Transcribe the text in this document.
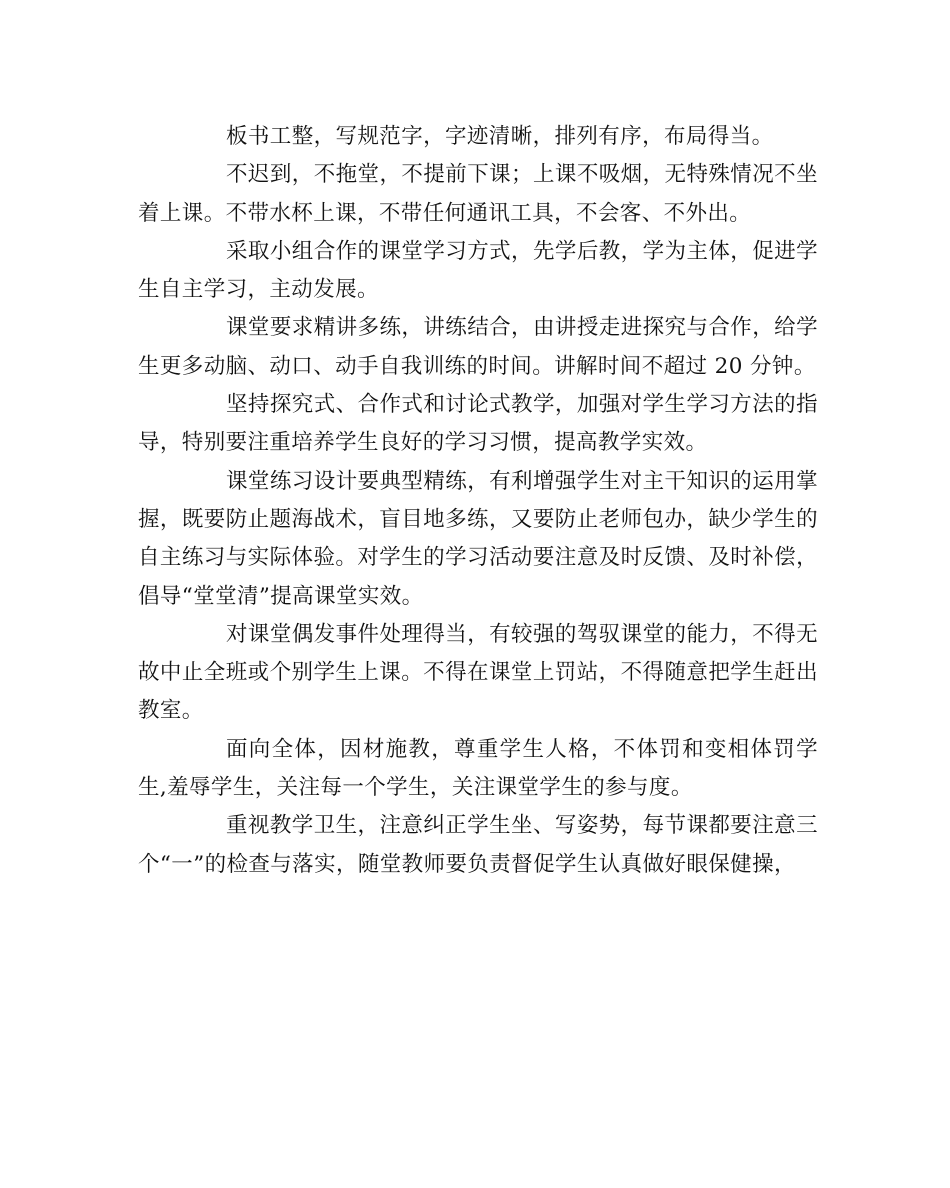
板书工整，写规范字，字迹清晰，排列有序，布局得当。

不迟到，不拖堂，不提前下课；上课不吸烟，无特殊情况不坐着上课。不带水杯上课，不带任何通讯工具，不会客、不外出。

采取小组合作的课堂学习方式，先学后教，学为主体，促进学生自主学习，主动发展。

课堂要求精讲多练，讲练结合，由讲授走进探究与合作，给学生更多动脑、动口、动手自我训练的时间。讲解时间不超过 20 分钟。

坚持探究式、合作式和讨论式教学，加强对学生学习方法的指导，特别要注重培养学生良好的学习习惯，提高教学实效。

课堂练习设计要典型精练，有利增强学生对主干知识的运用掌握，既要防止题海战术，盲目地多练，又要防止老师包办，缺少学生的自主练习与实际体验。对学生的学习活动要注意及时反馈、及时补偿，倡导“堂堂清”提高课堂实效。

对课堂偶发事件处理得当，有较强的驾驭课堂的能力，不得无故中止全班或个别学生上课。不得在课堂上罚站，不得随意把学生赶出教室。

面向全体，因材施教，尊重学生人格，不体罚和变相体罚学生,羞辱学生，关注每一个学生，关注课堂学生的参与度。

重视教学卫生，注意纠正学生坐、写姿势，每节课都要注意三个“一”的检查与落实，随堂教师要负责督促学生认真做好眼保健操，
